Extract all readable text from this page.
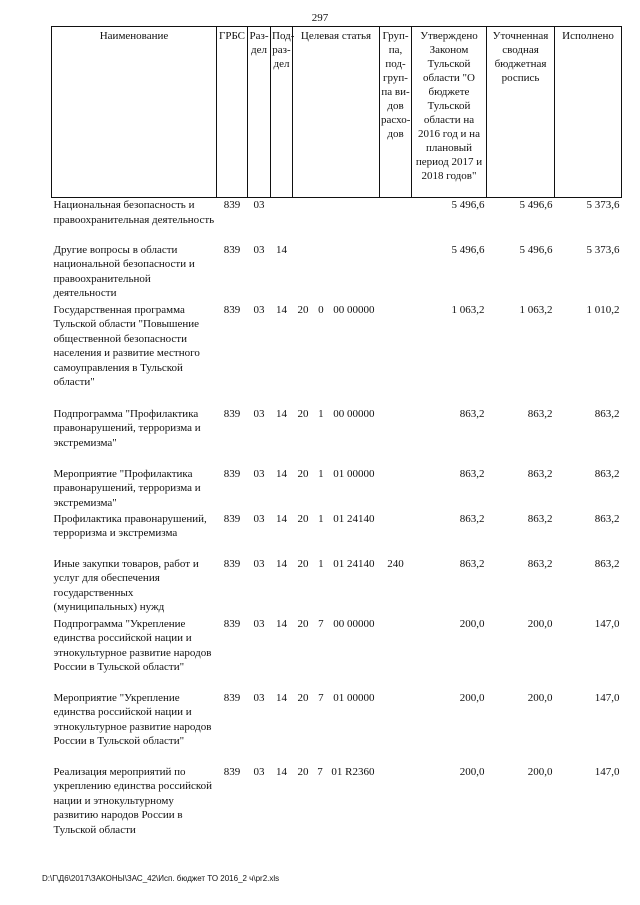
297
Наименование	ГРБС	Раз- дел	Под- раз- дел	Целевая статья	Груп- па, под- груп- па ви- дов расхо- дов	Утверждено Законом Тульской области "О бюджете Тульской области на 2016 год и на плановый период 2017 и 2018 годов"	Уточненная сводная бюджетная роспись	Исполнено
Национальная безопасность и правоохранительная деятельность	839	03				5 496,6	5 496,6	5 373,6
Другие вопросы в области национальной безопасности и правоохранительной деятельности	839	03	14			5 496,6	5 496,6	5 373,6
Государственная программа Тульской области "Повышение общественной безопасности населения и развитие местного самоуправления в Тульской области"	839	03	14	20 0 00 00000		1 063,2	1 063,2	1 010,2
Подпрограмма "Профилактика правонарушений, терроризма и экстремизма"	839	03	14	20 1 00 00000		863,2	863,2	863,2
Мероприятие "Профилактика правонарушений, терроризма и экстремизма"	839	03	14	20 1 01 00000		863,2	863,2	863,2
Профилактика правонарушений, терроризма и экстремизма	839	03	14	20 1 01 24140		863,2	863,2	863,2
Иные закупки товаров, работ и услуг для обеспечения государственных (муниципальных) нужд	839	03	14	20 1 01 24140	240	863,2	863,2	863,2
Подпрограмма "Укрепление единства российской нации и этнокультурное развитие народов России в Тульской области"	839	03	14	20 7 00 00000		200,0	200,0	147,0
Мероприятие "Укрепление единства российской нации и этнокультурное развитие народов России в Тульской области"	839	03	14	20 7 01 00000		200,0	200,0	147,0
Реализация мероприятий по укреплению единства российской нации и этнокультурному развитию народов России в Тульской области	839	03	14	20 7 01 R2360		200,0	200,0	147,0
D:\Г\Д6\2017\ЗАКОНЫ\ЗАС_42\Исп. бюджет ТО 2016_2 ч\pr2.xls
